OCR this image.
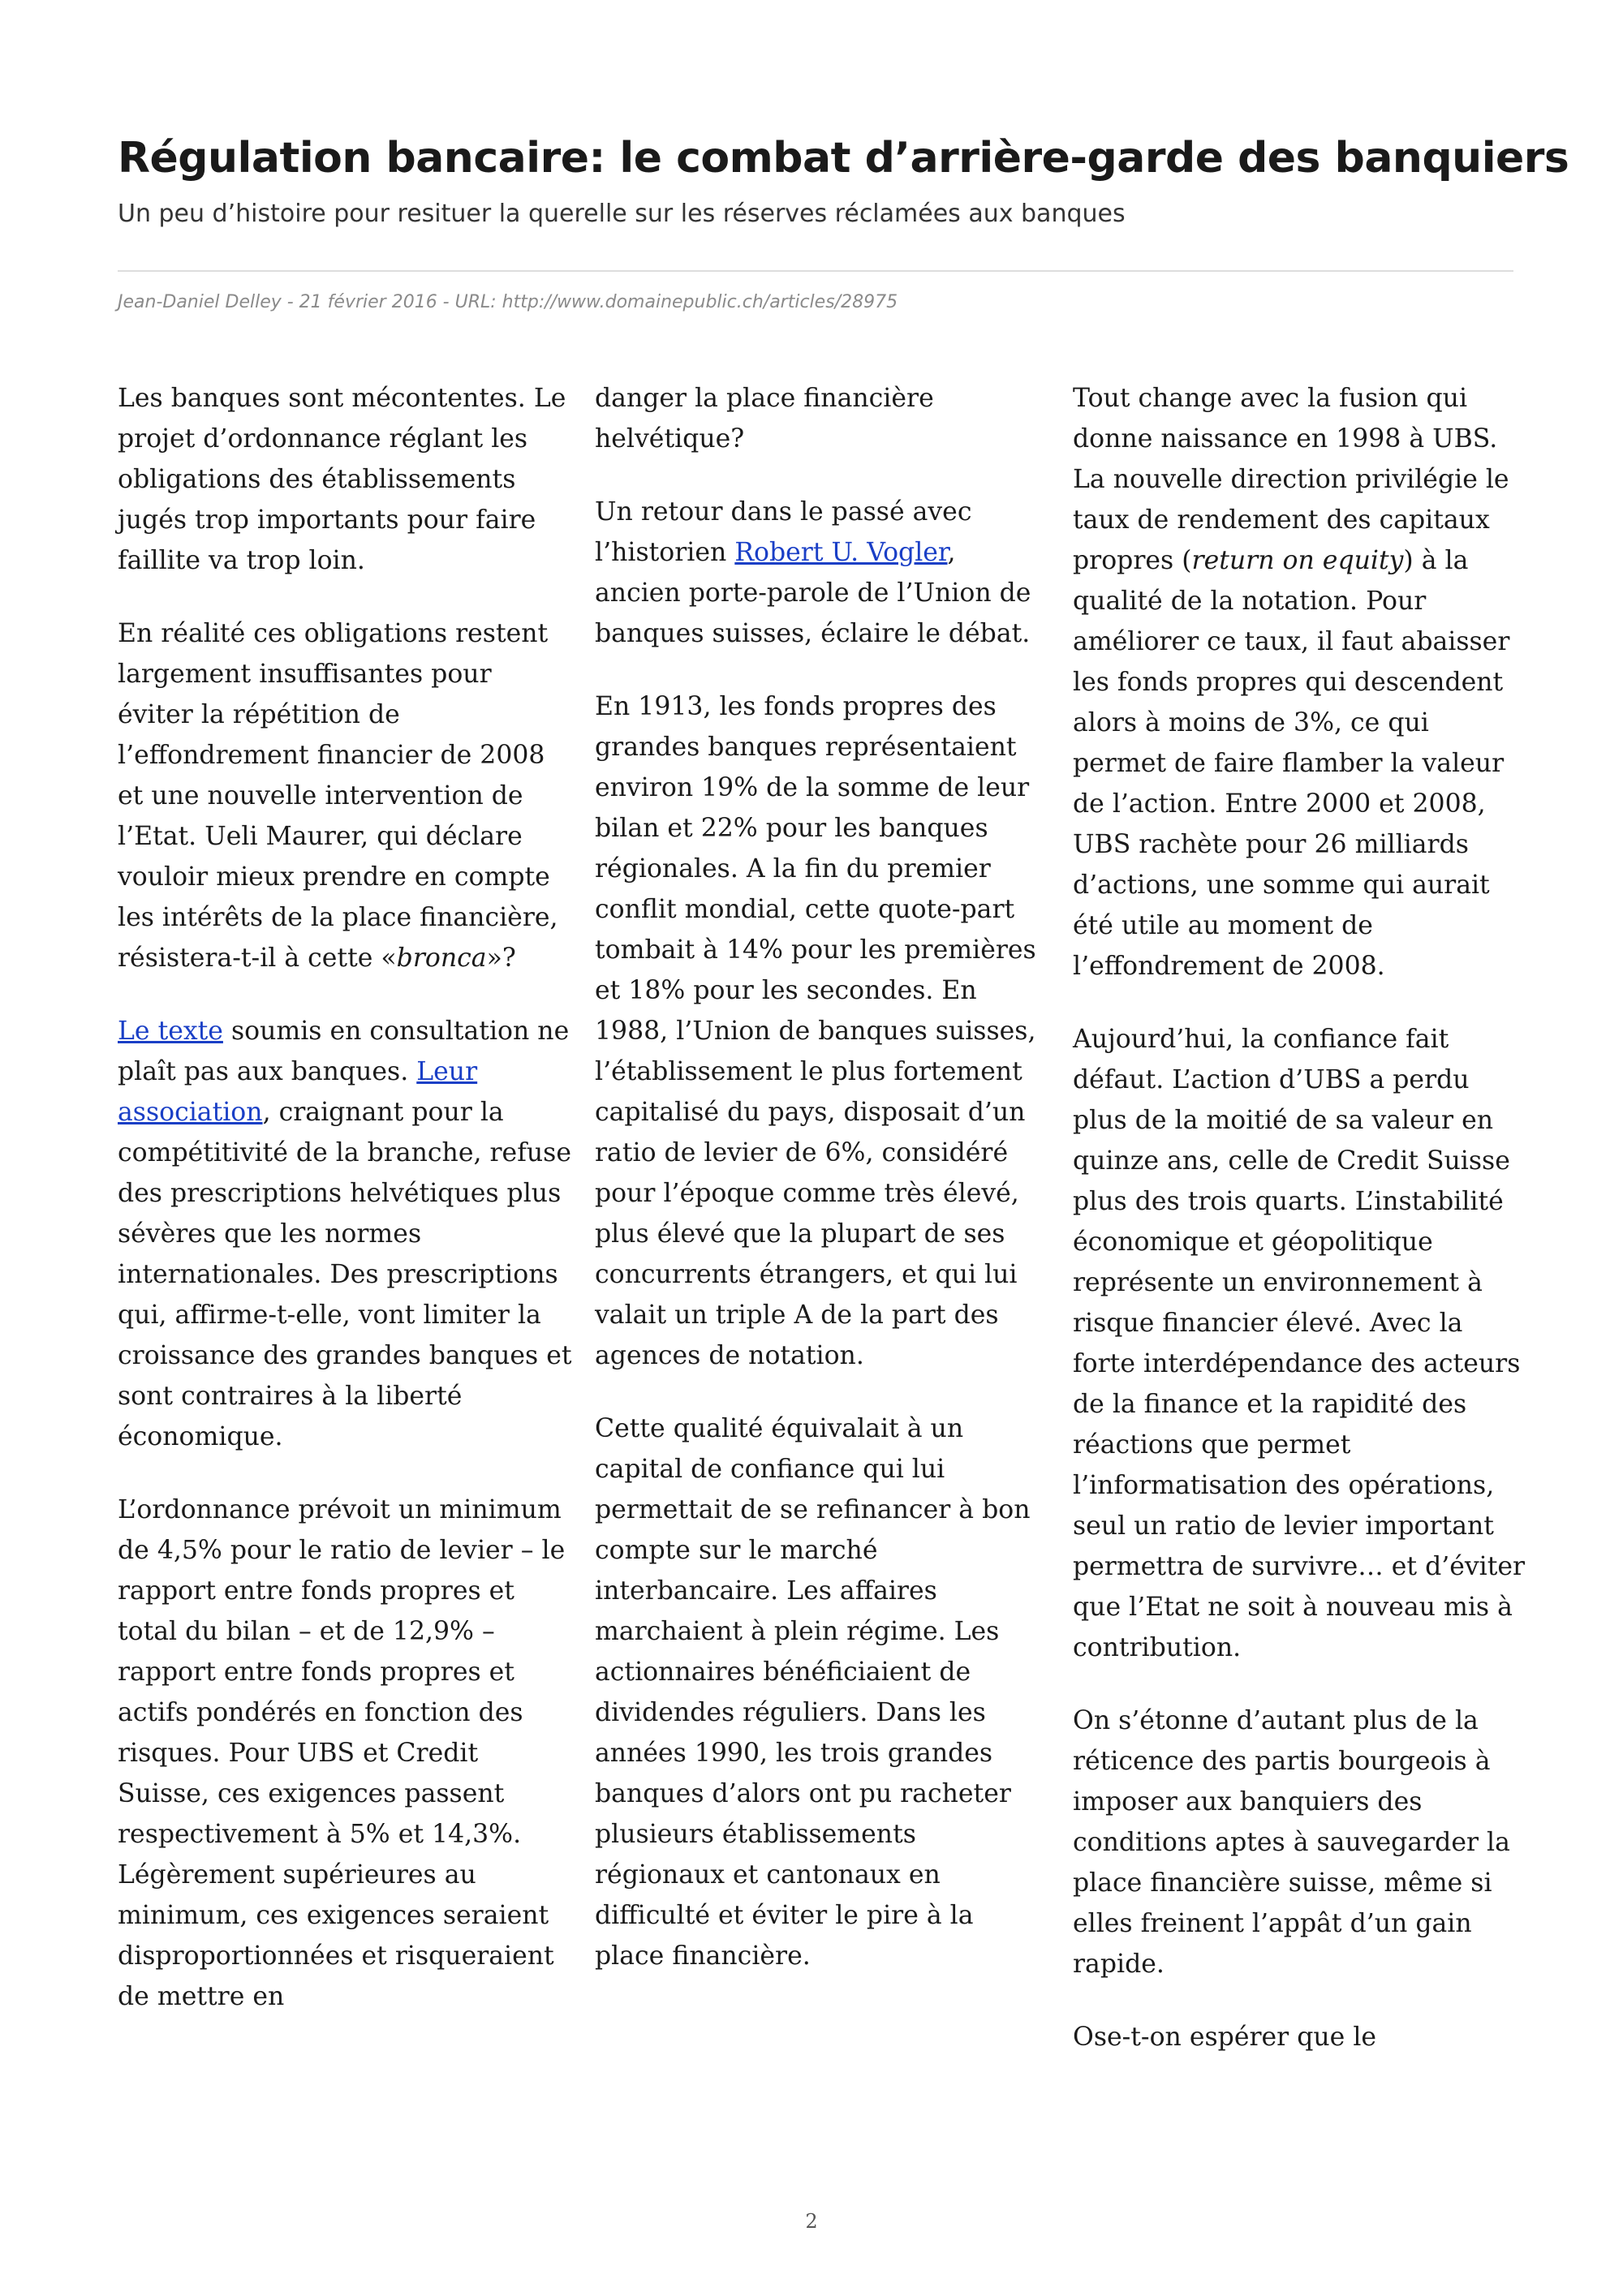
Régulation bancaire: le combat d’arrière-garde des banquiers
Un peu d’histoire pour resituer la querelle sur les réserves réclamées aux banques
Jean-Daniel Delley - 21 février 2016 - URL: http://www.domainepublic.ch/articles/28975

Les banques sont mécontentes. Le projet d’ordonnance réglant les obligations des établissements jugés trop importants pour faire faillite va trop loin.

En réalité ces obligations restent largement insuffisantes pour éviter la répétition de l’effondrement financier de 2008 et une nouvelle intervention de l’Etat. Ueli Maurer, qui déclare vouloir mieux prendre en compte les intérêts de la place financière, résistera-t-il à cette «bronca»?

Le texte soumis en consultation ne plaît pas aux banques. Leur association, craignant pour la compétitivité de la branche, refuse des prescriptions helvétiques plus sévères que les normes internationales. Des prescriptions qui, affirme-t-elle, vont limiter la croissance des grandes banques et sont contraires à la liberté économique.

L’ordonnance prévoit un minimum de 4,5% pour le ratio de levier – le rapport entre fonds propres et total du bilan – et de 12,9% – rapport entre fonds propres et actifs pondérés en fonction des risques. Pour UBS et Credit Suisse, ces exigences passent respectivement à 5% et 14,3%. Légèrement supérieures au minimum, ces exigences seraient disproportionnées et risqueraient de mettre en

danger la place financière helvétique?

Un retour dans le passé avec l’historien Robert U. Vogler, ancien porte-parole de l’Union de banques suisses, éclaire le débat.

En 1913, les fonds propres des grandes banques représentaient environ 19% de la somme de leur bilan et 22% pour les banques régionales. A la fin du premier conflit mondial, cette quote-part tombait à 14% pour les premières et 18% pour les secondes. En 1988, l’Union de banques suisses, l’établissement le plus fortement capitalisé du pays, disposait d’un ratio de levier de 6%, considéré pour l’époque comme très élevé, plus élevé que la plupart de ses concurrents étrangers, et qui lui valait un triple A de la part des agences de notation.

Cette qualité équivalait à un capital de confiance qui lui permettait de se refinancer à bon compte sur le marché interbancaire. Les affaires marchaient à plein régime. Les actionnaires bénéficiaient de dividendes réguliers. Dans les années 1990, les trois grandes banques d’alors ont pu racheter plusieurs établissements régionaux et cantonaux en difficulté et éviter le pire à la place financière.

Tout change avec la fusion qui donne naissance en 1998 à UBS. La nouvelle direction privilégie le taux de rendement des capitaux propres (return on equity) à la qualité de la notation. Pour améliorer ce taux, il faut abaisser les fonds propres qui descendent alors à moins de 3%, ce qui permet de faire flamber la valeur de l’action. Entre 2000 et 2008, UBS rachète pour 26 milliards d’actions, une somme qui aurait été utile au moment de l’effondrement de 2008.

Aujourd’hui, la confiance fait défaut. L’action d’UBS a perdu plus de la moitié de sa valeur en quinze ans, celle de Credit Suisse plus des trois quarts. L’instabilité économique et géopolitique représente un environnement à risque financier élevé. Avec la forte interdépendance des acteurs de la finance et la rapidité des réactions que permet l’informatisation des opérations, seul un ratio de levier important permettra de survivre… et d’éviter que l’Etat ne soit à nouveau mis à contribution.

On s’étonne d’autant plus de la réticence des partis bourgeois à imposer aux banquiers des conditions aptes à sauvegarder la place financière suisse, même si elles freinent l’appât d’un gain rapide.

Ose-t-on espérer que le

2
